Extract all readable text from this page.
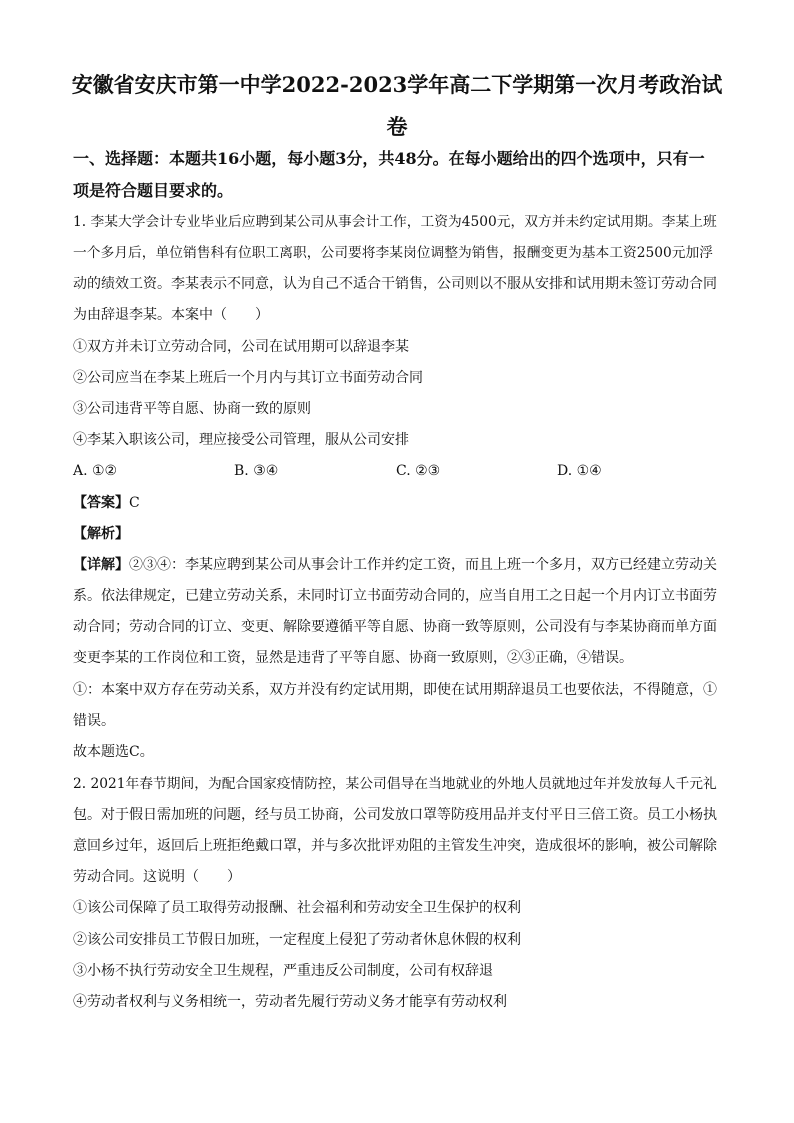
安徽省安庆市第一中学2022-2023学年高二下学期第一次月考政治试
卷
一、选择题：本题共16小题，每小题3分，共48分。在每小题给出的四个选项中，只有一
项是符合题目要求的。
1. 李某大学会计专业毕业后应聘到某公司从事会计工作，工资为4500元，双方并未约定试用期。李某上班
一个多月后，单位销售科有位职工离职，公司要将李某岗位调整为销售，报酬变更为基本工资2500元加浮
动的绩效工资。李某表示不同意，认为自己不适合干销售，公司则以不服从安排和试用期未签订劳动合同
为由辞退李某。本案中（　　）
①双方并未订立劳动合同，公司在试用期可以辞退李某
②公司应当在李某上班后一个月内与其订立书面劳动合同
③公司违背平等自愿、协商一致的原则
④李某入职该公司，理应接受公司管理，服从公司安排
A. ①②	B. ③④	C. ②③	D. ①④
【答案】C
【解析】
【详解】②③④：李某应聘到某公司从事会计工作并约定工资，而且上班一个多月，双方已经建立劳动关
系。依法律规定，已建立劳动关系，未同时订立书面劳动合同的，应当自用工之日起一个月内订立书面劳
动合同；劳动合同的订立、变更、解除要遵循平等自愿、协商一致等原则，公司没有与李某协商而单方面
变更李某的工作岗位和工资，显然是违背了平等自愿、协商一致原则，②③正确，④错误。
①：本案中双方存在劳动关系，双方并没有约定试用期，即使在试用期辞退员工也要依法，不得随意，①
错误。
故本题选C。
2. 2021年春节期间，为配合国家疫情防控，某公司倡导在当地就业的外地人员就地过年并发放每人千元礼
包。对于假日需加班的问题，经与员工协商，公司发放口罩等防疫用品并支付平日三倍工资。员工小杨执
意回乡过年，返回后上班拒绝戴口罩，并与多次批评劝阻的主管发生冲突，造成很坏的影响，被公司解除
劳动合同。这说明（　　）
①该公司保障了员工取得劳动报酬、社会福利和劳动安全卫生保护的权利
②该公司安排员工节假日加班，一定程度上侵犯了劳动者休息休假的权利
③小杨不执行劳动安全卫生规程，严重违反公司制度，公司有权辞退
④劳动者权利与义务相统一，劳动者先履行劳动义务才能享有劳动权利
